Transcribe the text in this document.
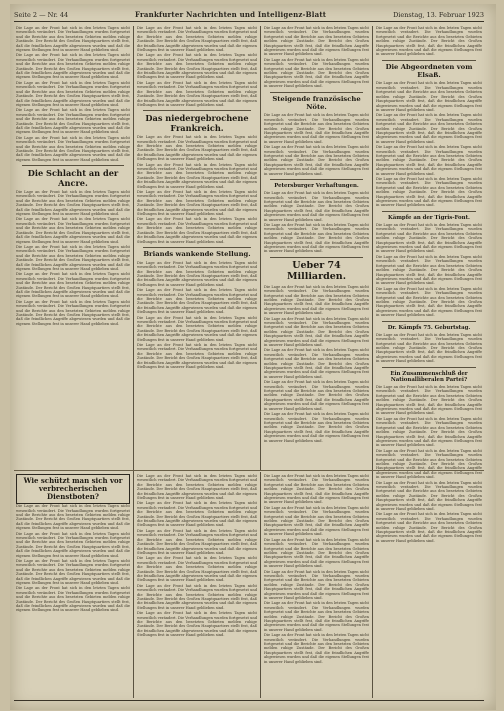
Seite 2 — Nr. 44	Frankfurter Nachrichten und Intelligenz-Blatt	Dienstag, 13. Februar 1923

Die Lage an der Front hat sich in den letzten Tagen nicht wesentlich verändert. Die Verhandlungen wurden fortgesetzt und die Berichte aus den besetzten Gebieten melden ruhige Zustände. Der Bericht des Großen Hauptquartiers stellt fest, daß die feindlichen Angriffe abgewiesen wurden und daß die eigenen Stellungen fest in unserer Hand geblieben sind.

Die Lage an der Front hat sich in den letzten Tagen nicht wesentlich verändert. Die Verhandlungen wurden fortgesetzt und die Berichte aus den besetzten Gebieten melden ruhige Zustände. Der Bericht des Großen Hauptquartiers stellt fest, daß die feindlichen Angriffe abgewiesen wurden und daß die eigenen Stellungen fest in unserer Hand geblieben sind.

Die Lage an der Front hat sich in den letzten Tagen nicht wesentlich verändert. Die Verhandlungen wurden fortgesetzt und die Berichte aus den besetzten Gebieten melden ruhige Zustände. Der Bericht des Großen Hauptquartiers stellt fest, daß die feindlichen Angriffe abgewiesen wurden und daß die eigenen Stellungen fest in unserer Hand geblieben sind.

Die Lage an der Front hat sich in den letzten Tagen nicht wesentlich verändert. Die Verhandlungen wurden fortgesetzt und die Berichte aus den besetzten Gebieten melden ruhige Zustände. Der Bericht des Großen Hauptquartiers stellt fest, daß die feindlichen Angriffe abgewiesen wurden und daß die eigenen Stellungen fest in unserer Hand geblieben sind.

Die Lage an der Front hat sich in den letzten Tagen nicht wesentlich verändert. Die Verhandlungen wurden fortgesetzt und die Berichte aus den besetzten Gebieten melden ruhige Zustände. Der Bericht des Großen Hauptquartiers stellt fest, daß die feindlichen Angriffe abgewiesen wurden und daß die eigenen Stellungen fest in unserer Hand geblieben sind.

Die Schlacht an der Ancre.

Die Lage an der Front hat sich in den letzten Tagen nicht wesentlich verändert. Die Verhandlungen wurden fortgesetzt und die Berichte aus den besetzten Gebieten melden ruhige Zustände. Der Bericht des Großen Hauptquartiers stellt fest, daß die feindlichen Angriffe abgewiesen wurden und daß die eigenen Stellungen fest in unserer Hand geblieben sind.

Die Lage an der Front hat sich in den letzten Tagen nicht wesentlich verändert. Die Verhandlungen wurden fortgesetzt und die Berichte aus den besetzten Gebieten melden ruhige Zustände. Der Bericht des Großen Hauptquartiers stellt fest, daß die feindlichen Angriffe abgewiesen wurden und daß die eigenen Stellungen fest in unserer Hand geblieben sind.

Die Lage an der Front hat sich in den letzten Tagen nicht wesentlich verändert. Die Verhandlungen wurden fortgesetzt und die Berichte aus den besetzten Gebieten melden ruhige Zustände. Der Bericht des Großen Hauptquartiers stellt fest, daß die feindlichen Angriffe abgewiesen wurden und daß die eigenen Stellungen fest in unserer Hand geblieben sind.

Die Lage an der Front hat sich in den letzten Tagen nicht wesentlich verändert. Die Verhandlungen wurden fortgesetzt und die Berichte aus den besetzten Gebieten melden ruhige Zustände. Der Bericht des Großen Hauptquartiers stellt fest, daß die feindlichen Angriffe abgewiesen wurden und daß die eigenen Stellungen fest in unserer Hand geblieben sind.

Die Lage an der Front hat sich in den letzten Tagen nicht wesentlich verändert. Die Verhandlungen wurden fortgesetzt und die Berichte aus den besetzten Gebieten melden ruhige Zustände. Der Bericht des Großen Hauptquartiers stellt fest, daß die feindlichen Angriffe abgewiesen wurden und daß die eigenen Stellungen fest in unserer Hand geblieben sind.

Die Lage an der Front hat sich in den letzten Tagen nicht wesentlich verändert. Die Verhandlungen wurden fortgesetzt und die Berichte aus den besetzten Gebieten melden ruhige Zustände. Der Bericht des Großen Hauptquartiers stellt fest, daß die feindlichen Angriffe abgewiesen wurden und daß die eigenen Stellungen fest in unserer Hand geblieben sind.

Die Lage an der Front hat sich in den letzten Tagen nicht wesentlich verändert. Die Verhandlungen wurden fortgesetzt und die Berichte aus den besetzten Gebieten melden ruhige Zustände. Der Bericht des Großen Hauptquartiers stellt fest, daß die feindlichen Angriffe abgewiesen wurden und daß die eigenen Stellungen fest in unserer Hand geblieben sind.

Die Lage an der Front hat sich in den letzten Tagen nicht wesentlich verändert. Die Verhandlungen wurden fortgesetzt und die Berichte aus den besetzten Gebieten melden ruhige Zustände. Der Bericht des Großen Hauptquartiers stellt fest, daß die feindlichen Angriffe abgewiesen wurden und daß die eigenen Stellungen fest in unserer Hand geblieben sind.

Das niedergebrochene Frankreich.

Die Lage an der Front hat sich in den letzten Tagen nicht wesentlich verändert. Die Verhandlungen wurden fortgesetzt und die Berichte aus den besetzten Gebieten melden ruhige Zustände. Der Bericht des Großen Hauptquartiers stellt fest, daß die feindlichen Angriffe abgewiesen wurden und daß die eigenen Stellungen fest in unserer Hand geblieben sind.

Die Lage an der Front hat sich in den letzten Tagen nicht wesentlich verändert. Die Verhandlungen wurden fortgesetzt und die Berichte aus den besetzten Gebieten melden ruhige Zustände. Der Bericht des Großen Hauptquartiers stellt fest, daß die feindlichen Angriffe abgewiesen wurden und daß die eigenen Stellungen fest in unserer Hand geblieben sind.

Die Lage an der Front hat sich in den letzten Tagen nicht wesentlich verändert. Die Verhandlungen wurden fortgesetzt und die Berichte aus den besetzten Gebieten melden ruhige Zustände. Der Bericht des Großen Hauptquartiers stellt fest, daß die feindlichen Angriffe abgewiesen wurden und daß die eigenen Stellungen fest in unserer Hand geblieben sind.

Die Lage an der Front hat sich in den letzten Tagen nicht wesentlich verändert. Die Verhandlungen wurden fortgesetzt und die Berichte aus den besetzten Gebieten melden ruhige Zustände. Der Bericht des Großen Hauptquartiers stellt fest, daß die feindlichen Angriffe abgewiesen wurden und daß die eigenen Stellungen fest in unserer Hand geblieben sind.

Briands wankende Stellung.

Die Lage an der Front hat sich in den letzten Tagen nicht wesentlich verändert. Die Verhandlungen wurden fortgesetzt und die Berichte aus den besetzten Gebieten melden ruhige Zustände. Der Bericht des Großen Hauptquartiers stellt fest, daß die feindlichen Angriffe abgewiesen wurden und daß die eigenen Stellungen fest in unserer Hand geblieben sind.

Die Lage an der Front hat sich in den letzten Tagen nicht wesentlich verändert. Die Verhandlungen wurden fortgesetzt und die Berichte aus den besetzten Gebieten melden ruhige Zustände. Der Bericht des Großen Hauptquartiers stellt fest, daß die feindlichen Angriffe abgewiesen wurden und daß die eigenen Stellungen fest in unserer Hand geblieben sind.

Die Lage an der Front hat sich in den letzten Tagen nicht wesentlich verändert. Die Verhandlungen wurden fortgesetzt und die Berichte aus den besetzten Gebieten melden ruhige Zustände. Der Bericht des Großen Hauptquartiers stellt fest, daß die feindlichen Angriffe abgewiesen wurden und daß die eigenen Stellungen fest in unserer Hand geblieben sind.

Die Lage an der Front hat sich in den letzten Tagen nicht wesentlich verändert. Die Verhandlungen wurden fortgesetzt und die Berichte aus den besetzten Gebieten melden ruhige Zustände. Der Bericht des Großen Hauptquartiers stellt fest, daß die feindlichen Angriffe abgewiesen wurden und daß die eigenen Stellungen fest in unserer Hand geblieben sind.

Die Lage an der Front hat sich in den letzten Tagen nicht wesentlich verändert. Die Verhandlungen wurden fortgesetzt und die Berichte aus den besetzten Gebieten melden ruhige Zustände. Der Bericht des Großen Hauptquartiers stellt fest, daß die feindlichen Angriffe abgewiesen wurden und daß die eigenen Stellungen fest in unserer Hand geblieben sind.

Die Lage an der Front hat sich in den letzten Tagen nicht wesentlich verändert. Die Verhandlungen wurden fortgesetzt und die Berichte aus den besetzten Gebieten melden ruhige Zustände. Der Bericht des Großen Hauptquartiers stellt fest, daß die feindlichen Angriffe abgewiesen wurden und daß die eigenen Stellungen fest in unserer Hand geblieben sind.

Steigende französische Nöte.

Die Lage an der Front hat sich in den letzten Tagen nicht wesentlich verändert. Die Verhandlungen wurden fortgesetzt und die Berichte aus den besetzten Gebieten melden ruhige Zustände. Der Bericht des Großen Hauptquartiers stellt fest, daß die feindlichen Angriffe abgewiesen wurden und daß die eigenen Stellungen fest in unserer Hand geblieben sind.

Die Lage an der Front hat sich in den letzten Tagen nicht wesentlich verändert. Die Verhandlungen wurden fortgesetzt und die Berichte aus den besetzten Gebieten melden ruhige Zustände. Der Bericht des Großen Hauptquartiers stellt fest, daß die feindlichen Angriffe abgewiesen wurden und daß die eigenen Stellungen fest in unserer Hand geblieben sind.

Petersburger Verhaftungen.

Die Lage an der Front hat sich in den letzten Tagen nicht wesentlich verändert. Die Verhandlungen wurden fortgesetzt und die Berichte aus den besetzten Gebieten melden ruhige Zustände. Der Bericht des Großen Hauptquartiers stellt fest, daß die feindlichen Angriffe abgewiesen wurden und daß die eigenen Stellungen fest in unserer Hand geblieben sind.

Die Lage an der Front hat sich in den letzten Tagen nicht wesentlich verändert. Die Verhandlungen wurden fortgesetzt und die Berichte aus den besetzten Gebieten melden ruhige Zustände. Der Bericht des Großen Hauptquartiers stellt fest, daß die feindlichen Angriffe abgewiesen wurden und daß die eigenen Stellungen fest in unserer Hand geblieben sind.

Ueber 74 Milliarden.

Die Lage an der Front hat sich in den letzten Tagen nicht wesentlich verändert. Die Verhandlungen wurden fortgesetzt und die Berichte aus den besetzten Gebieten melden ruhige Zustände. Der Bericht des Großen Hauptquartiers stellt fest, daß die feindlichen Angriffe abgewiesen wurden und daß die eigenen Stellungen fest in unserer Hand geblieben sind.

Die Lage an der Front hat sich in den letzten Tagen nicht wesentlich verändert. Die Verhandlungen wurden fortgesetzt und die Berichte aus den besetzten Gebieten melden ruhige Zustände. Der Bericht des Großen Hauptquartiers stellt fest, daß die feindlichen Angriffe abgewiesen wurden und daß die eigenen Stellungen fest in unserer Hand geblieben sind.

Die Lage an der Front hat sich in den letzten Tagen nicht wesentlich verändert. Die Verhandlungen wurden fortgesetzt und die Berichte aus den besetzten Gebieten melden ruhige Zustände. Der Bericht des Großen Hauptquartiers stellt fest, daß die feindlichen Angriffe abgewiesen wurden und daß die eigenen Stellungen fest in unserer Hand geblieben sind.

Die Lage an der Front hat sich in den letzten Tagen nicht wesentlich verändert. Die Verhandlungen wurden fortgesetzt und die Berichte aus den besetzten Gebieten melden ruhige Zustände. Der Bericht des Großen Hauptquartiers stellt fest, daß die feindlichen Angriffe abgewiesen wurden und daß die eigenen Stellungen fest in unserer Hand geblieben sind.

Die Lage an der Front hat sich in den letzten Tagen nicht wesentlich verändert. Die Verhandlungen wurden fortgesetzt und die Berichte aus den besetzten Gebieten melden ruhige Zustände. Der Bericht des Großen Hauptquartiers stellt fest, daß die feindlichen Angriffe abgewiesen wurden und daß die eigenen Stellungen fest in unserer Hand geblieben sind.

Die Lage an der Front hat sich in den letzten Tagen nicht wesentlich verändert. Die Verhandlungen wurden fortgesetzt und die Berichte aus den besetzten Gebieten melden ruhige Zustände. Der Bericht des Großen Hauptquartiers stellt fest, daß die feindlichen Angriffe abgewiesen wurden und daß die eigenen Stellungen fest in unserer Hand geblieben sind.

Die Abgeordneten vom Elsaß.

Die Lage an der Front hat sich in den letzten Tagen nicht wesentlich verändert. Die Verhandlungen wurden fortgesetzt und die Berichte aus den besetzten Gebieten melden ruhige Zustände. Der Bericht des Großen Hauptquartiers stellt fest, daß die feindlichen Angriffe abgewiesen wurden und daß die eigenen Stellungen fest in unserer Hand geblieben sind.

Die Lage an der Front hat sich in den letzten Tagen nicht wesentlich verändert. Die Verhandlungen wurden fortgesetzt und die Berichte aus den besetzten Gebieten melden ruhige Zustände. Der Bericht des Großen Hauptquartiers stellt fest, daß die feindlichen Angriffe abgewiesen wurden und daß die eigenen Stellungen fest in unserer Hand geblieben sind.

Die Lage an der Front hat sich in den letzten Tagen nicht wesentlich verändert. Die Verhandlungen wurden fortgesetzt und die Berichte aus den besetzten Gebieten melden ruhige Zustände. Der Bericht des Großen Hauptquartiers stellt fest, daß die feindlichen Angriffe abgewiesen wurden und daß die eigenen Stellungen fest in unserer Hand geblieben sind.

Die Lage an der Front hat sich in den letzten Tagen nicht wesentlich verändert. Die Verhandlungen wurden fortgesetzt und die Berichte aus den besetzten Gebieten melden ruhige Zustände. Der Bericht des Großen Hauptquartiers stellt fest, daß die feindlichen Angriffe abgewiesen wurden und daß die eigenen Stellungen fest in unserer Hand geblieben sind.

Kämpfe an der Tigris-Font.

Die Lage an der Front hat sich in den letzten Tagen nicht wesentlich verändert. Die Verhandlungen wurden fortgesetzt und die Berichte aus den besetzten Gebieten melden ruhige Zustände. Der Bericht des Großen Hauptquartiers stellt fest, daß die feindlichen Angriffe abgewiesen wurden und daß die eigenen Stellungen fest in unserer Hand geblieben sind.

Die Lage an der Front hat sich in den letzten Tagen nicht wesentlich verändert. Die Verhandlungen wurden fortgesetzt und die Berichte aus den besetzten Gebieten melden ruhige Zustände. Der Bericht des Großen Hauptquartiers stellt fest, daß die feindlichen Angriffe abgewiesen wurden und daß die eigenen Stellungen fest in unserer Hand geblieben sind.

Die Lage an der Front hat sich in den letzten Tagen nicht wesentlich verändert. Die Verhandlungen wurden fortgesetzt und die Berichte aus den besetzten Gebieten melden ruhige Zustände. Der Bericht des Großen Hauptquartiers stellt fest, daß die feindlichen Angriffe abgewiesen wurden und daß die eigenen Stellungen fest in unserer Hand geblieben sind.

Dr. Kämpfs 75. Geburtstag.

Die Lage an der Front hat sich in den letzten Tagen nicht wesentlich verändert. Die Verhandlungen wurden fortgesetzt und die Berichte aus den besetzten Gebieten melden ruhige Zustände. Der Bericht des Großen Hauptquartiers stellt fest, daß die feindlichen Angriffe abgewiesen wurden und daß die eigenen Stellungen fest in unserer Hand geblieben sind.

Ein Zusammenschluß der Nationalliberalen Partei?

Die Lage an der Front hat sich in den letzten Tagen nicht wesentlich verändert. Die Verhandlungen wurden fortgesetzt und die Berichte aus den besetzten Gebieten melden ruhige Zustände. Der Bericht des Großen Hauptquartiers stellt fest, daß die feindlichen Angriffe abgewiesen wurden und daß die eigenen Stellungen fest in unserer Hand geblieben sind.

Die Lage an der Front hat sich in den letzten Tagen nicht wesentlich verändert. Die Verhandlungen wurden fortgesetzt und die Berichte aus den besetzten Gebieten melden ruhige Zustände. Der Bericht des Großen Hauptquartiers stellt fest, daß die feindlichen Angriffe abgewiesen wurden und daß die eigenen Stellungen fest in unserer Hand geblieben sind.

Die Lage an der Front hat sich in den letzten Tagen nicht wesentlich verändert. Die Verhandlungen wurden fortgesetzt und die Berichte aus den besetzten Gebieten melden ruhige Zustände. Der Bericht des Großen Hauptquartiers stellt fest, daß die feindlichen Angriffe abgewiesen wurden und daß die eigenen Stellungen fest in unserer Hand geblieben sind.

Die Lage an der Front hat sich in den letzten Tagen nicht wesentlich verändert. Die Verhandlungen wurden fortgesetzt und die Berichte aus den besetzten Gebieten melden ruhige Zustände. Der Bericht des Großen Hauptquartiers stellt fest, daß die feindlichen Angriffe abgewiesen wurden und daß die eigenen Stellungen fest in unserer Hand geblieben sind.

Die Lage an der Front hat sich in den letzten Tagen nicht wesentlich verändert. Die Verhandlungen wurden fortgesetzt und die Berichte aus den besetzten Gebieten melden ruhige Zustände. Der Bericht des Großen Hauptquartiers stellt fest, daß die feindlichen Angriffe abgewiesen wurden und daß die eigenen Stellungen fest in unserer Hand geblieben sind.

Wie schützt man sich vor verbrecherischen Dienstboten?

Die Lage an der Front hat sich in den letzten Tagen nicht wesentlich verändert. Die Verhandlungen wurden fortgesetzt und die Berichte aus den besetzten Gebieten melden ruhige Zustände. Der Bericht des Großen Hauptquartiers stellt fest, daß die feindlichen Angriffe abgewiesen wurden und daß die eigenen Stellungen fest in unserer Hand geblieben sind.

Die Lage an der Front hat sich in den letzten Tagen nicht wesentlich verändert. Die Verhandlungen wurden fortgesetzt und die Berichte aus den besetzten Gebieten melden ruhige Zustände. Der Bericht des Großen Hauptquartiers stellt fest, daß die feindlichen Angriffe abgewiesen wurden und daß die eigenen Stellungen fest in unserer Hand geblieben sind.

Die Lage an der Front hat sich in den letzten Tagen nicht wesentlich verändert. Die Verhandlungen wurden fortgesetzt und die Berichte aus den besetzten Gebieten melden ruhige Zustände. Der Bericht des Großen Hauptquartiers stellt fest, daß die feindlichen Angriffe abgewiesen wurden und daß die eigenen Stellungen fest in unserer Hand geblieben sind.

Die Lage an der Front hat sich in den letzten Tagen nicht wesentlich verändert. Die Verhandlungen wurden fortgesetzt und die Berichte aus den besetzten Gebieten melden ruhige Zustände. Der Bericht des Großen Hauptquartiers stellt fest, daß die feindlichen Angriffe abgewiesen wurden und daß die eigenen Stellungen fest in unserer Hand geblieben sind.

Die Lage an der Front hat sich in den letzten Tagen nicht wesentlich verändert. Die Verhandlungen wurden fortgesetzt und die Berichte aus den besetzten Gebieten melden ruhige Zustände. Der Bericht des Großen Hauptquartiers stellt fest, daß die feindlichen Angriffe abgewiesen wurden und daß die eigenen Stellungen fest in unserer Hand geblieben sind.

Die Lage an der Front hat sich in den letzten Tagen nicht wesentlich verändert. Die Verhandlungen wurden fortgesetzt und die Berichte aus den besetzten Gebieten melden ruhige Zustände. Der Bericht des Großen Hauptquartiers stellt fest, daß die feindlichen Angriffe abgewiesen wurden und daß die eigenen Stellungen fest in unserer Hand geblieben sind.

Die Lage an der Front hat sich in den letzten Tagen nicht wesentlich verändert. Die Verhandlungen wurden fortgesetzt und die Berichte aus den besetzten Gebieten melden ruhige Zustände. Der Bericht des Großen Hauptquartiers stellt fest, daß die feindlichen Angriffe abgewiesen wurden und daß die eigenen Stellungen fest in unserer Hand geblieben sind.

Die Lage an der Front hat sich in den letzten Tagen nicht wesentlich verändert. Die Verhandlungen wurden fortgesetzt und die Berichte aus den besetzten Gebieten melden ruhige Zustände. Der Bericht des Großen Hauptquartiers stellt fest, daß die feindlichen Angriffe abgewiesen wurden und daß die eigenen Stellungen fest in unserer Hand geblieben sind.

Die Lage an der Front hat sich in den letzten Tagen nicht wesentlich verändert. Die Verhandlungen wurden fortgesetzt und die Berichte aus den besetzten Gebieten melden ruhige Zustände. Der Bericht des Großen Hauptquartiers stellt fest, daß die feindlichen Angriffe abgewiesen wurden und daß die eigenen Stellungen fest in unserer Hand geblieben sind.

Die Lage an der Front hat sich in den letzten Tagen nicht wesentlich verändert. Die Verhandlungen wurden fortgesetzt und die Berichte aus den besetzten Gebieten melden ruhige Zustände. Der Bericht des Großen Hauptquartiers stellt fest, daß die feindlichen Angriffe abgewiesen wurden und daß die eigenen Stellungen fest in unserer Hand geblieben sind.

Die Lage an der Front hat sich in den letzten Tagen nicht wesentlich verändert. Die Verhandlungen wurden fortgesetzt und die Berichte aus den besetzten Gebieten melden ruhige Zustände. Der Bericht des Großen Hauptquartiers stellt fest, daß die feindlichen Angriffe abgewiesen wurden und daß die eigenen Stellungen fest in unserer Hand geblieben sind.

Die Lage an der Front hat sich in den letzten Tagen nicht wesentlich verändert. Die Verhandlungen wurden fortgesetzt und die Berichte aus den besetzten Gebieten melden ruhige Zustände. Der Bericht des Großen Hauptquartiers stellt fest, daß die feindlichen Angriffe abgewiesen wurden und daß die eigenen Stellungen fest in unserer Hand geblieben sind.

Die Lage an der Front hat sich in den letzten Tagen nicht wesentlich verändert. Die Verhandlungen wurden fortgesetzt und die Berichte aus den besetzten Gebieten melden ruhige Zustände. Der Bericht des Großen Hauptquartiers stellt fest, daß die feindlichen Angriffe abgewiesen wurden und daß die eigenen Stellungen fest in unserer Hand geblieben sind.

Die Lage an der Front hat sich in den letzten Tagen nicht wesentlich verändert. Die Verhandlungen wurden fortgesetzt und die Berichte aus den besetzten Gebieten melden ruhige Zustände. Der Bericht des Großen Hauptquartiers stellt fest, daß die feindlichen Angriffe abgewiesen wurden und daß die eigenen Stellungen fest in unserer Hand geblieben sind.

Die Lage an der Front hat sich in den letzten Tagen nicht wesentlich verändert. Die Verhandlungen wurden fortgesetzt und die Berichte aus den besetzten Gebieten melden ruhige Zustände. Der Bericht des Großen Hauptquartiers stellt fest, daß die feindlichen Angriffe abgewiesen wurden und daß die eigenen Stellungen fest in unserer Hand geblieben sind.

Die Lage an der Front hat sich in den letzten Tagen nicht wesentlich verändert. Die Verhandlungen wurden fortgesetzt und die Berichte aus den besetzten Gebieten melden ruhige Zustände. Der Bericht des Großen Hauptquartiers stellt fest, daß die feindlichen Angriffe abgewiesen wurden und daß die eigenen Stellungen fest in unserer Hand geblieben sind.
